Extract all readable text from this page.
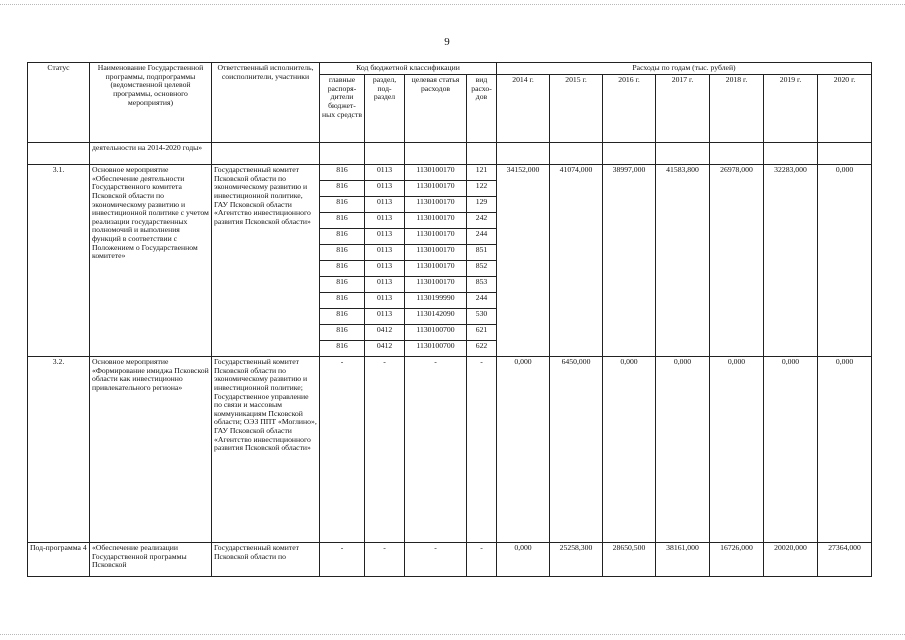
9
Статус	Наименование Государственной программы, подпрограммы (ведомственной целевой программы, основного мероприятия)	Ответственный исполнитель, соисполнители, участники	Код бюджетной классификации				Расходы по годам (тыс. рублей)						
			главные распоря-дители бюджет-ных средств	раздел, под-раздел	целевая статья расходов	вид расхо-дов	2014 г.	2015 г.	2016 г.	2017 г.	2018 г.	2019 г.	2020 г.
	деятельности на 2014-2020 годы»												
3.1.	Основное мероприятие «Обеспечение деятельности Государственного комитета Псковской области по экономическому развитию и инвестиционной политике с учетом реализации государственных полномочий и выполнения функций в соответствии с Положением о Государственном комитете»	Государственный комитет Псковской области по экономическому развитию и инвестиционной политике, ГАУ Псковской области «Агентство инвестиционного развития Псковской области»	816	0113	1130100170	121	34152,000	41074,000	38997,000	41583,800	26978,000	32283,000	0,000
			816	0113	1130100170	122							
			816	0113	1130100170	129							
			816	0113	1130100170	242							
			816	0113	1130100170	244							
			816	0113	1130100170	851							
			816	0113	1130100170	852							
			816	0113	1130100170	853							
			816	0113	1130199990	244							
			816	0113	1130142090	530							
			816	0412	1130100700	621							
			816	0412	1130100700	622							
3.2.	Основное мероприятие «Формирование имиджа Псковской области как инвестиционно привлекательного региона»	Государственный комитет Псковской области по экономическому развитию и инвестиционной политике; Государственное управление по связи и массовым коммуникациям Псковской области; ОЭЗ ППТ «Моглино», ГАУ Псковской области «Агентство инвестиционного развития Псковской области»	-	-	-	-	0,000	6450,000	0,000	0,000	0,000	0,000	0,000
Под-программа 4	«Обеспечение реализации Государственной программы Псковской	Государственный комитет Псковской области по	-	-	-	-	0,000	25258,300	28650,500	38161,000	16726,000	20020,000	27364,000
